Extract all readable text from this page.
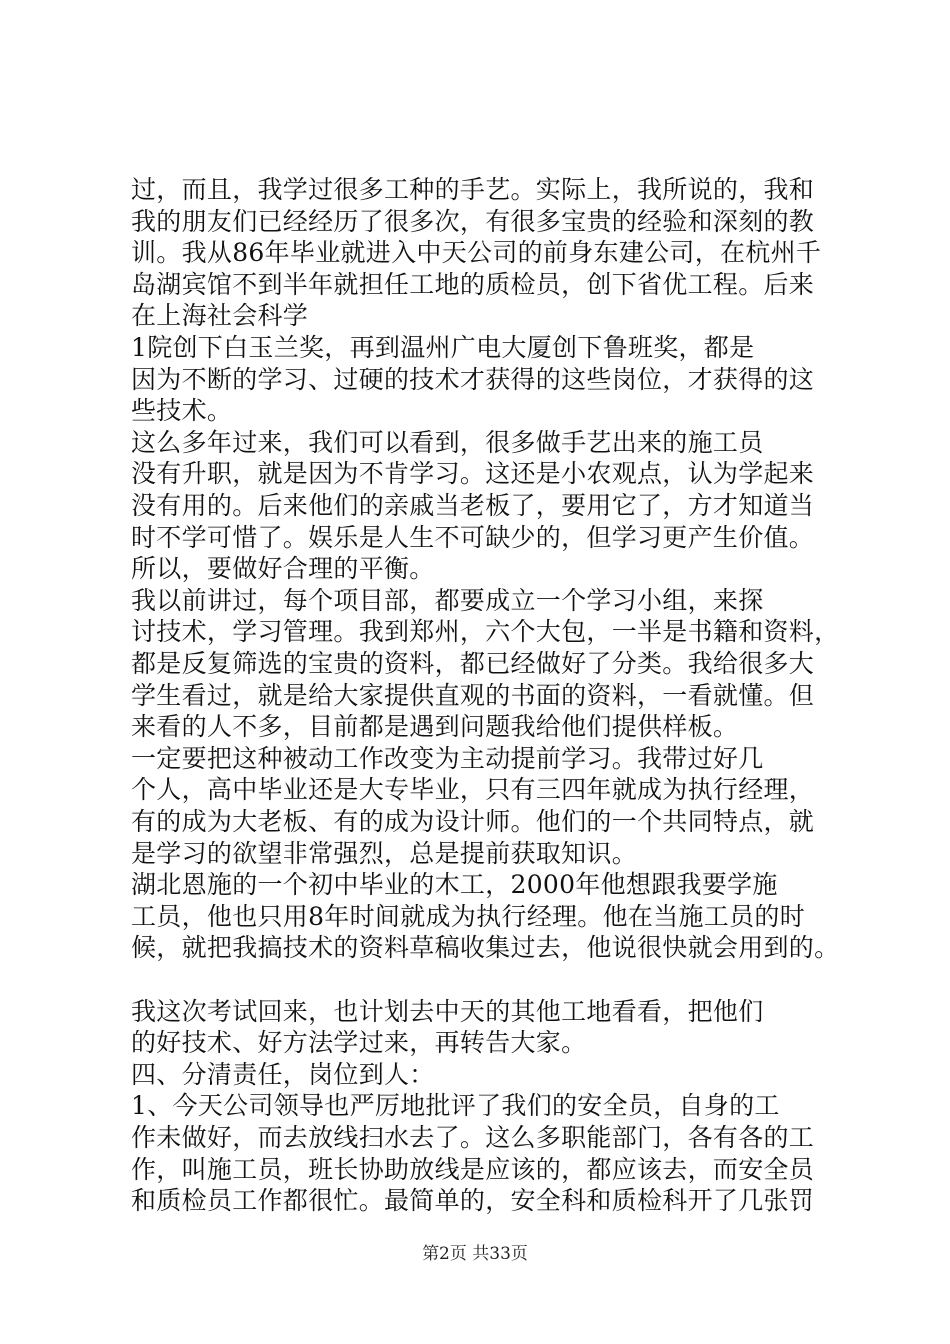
过，而且，我学过很多工种的手艺。实际上，我所说的，我和
我的朋友们已经经历了很多次，有很多宝贵的经验和深刻的教
训。我从86年毕业就进入中天公司的前身东建公司，在杭州千
岛湖宾馆不到半年就担任工地的质检员，创下省优工程。后来
在上海社会科学
1院创下白玉兰奖，再到温州广电大厦创下鲁班奖，都是
因为不断的学习、过硬的技术才获得的这些岗位，才获得的这
些技术。
这么多年过来，我们可以看到，很多做手艺出来的施工员
没有升职，就是因为不肯学习。这还是小农观点，认为学起来
没有用的。后来他们的亲戚当老板了，要用它了，方才知道当
时不学可惜了。娱乐是人生不可缺少的，但学习更产生价值。
所以，要做好合理的平衡。
我以前讲过，每个项目部，都要成立一个学习小组，来探
讨技术，学习管理。我到郑州，六个大包，一半是书籍和资料，
都是反复筛选的宝贵的资料，都已经做好了分类。我给很多大
学生看过，就是给大家提供直观的书面的资料，一看就懂。但
来看的人不多，目前都是遇到问题我给他们提供样板。
一定要把这种被动工作改变为主动提前学习。我带过好几
个人，高中毕业还是大专毕业，只有三四年就成为执行经理，
有的成为大老板、有的成为设计师。他们的一个共同特点，就
是学习的欲望非常强烈，总是提前获取知识。
湖北恩施的一个初中毕业的木工，2000年他想跟我要学施
工员，他也只用8年时间就成为执行经理。他在当施工员的时
候，就把我搞技术的资料草稿收集过去，他说很快就会用到的。
我这次考试回来，也计划去中天的其他工地看看，把他们
的好技术、好方法学过来，再转告大家。
四、分清责任，岗位到人：
1、今天公司领导也严厉地批评了我们的安全员，自身的工
作未做好，而去放线扫水去了。这么多职能部门，各有各的工
作，叫施工员，班长协助放线是应该的，都应该去，而安全员
和质检员工作都很忙。最简单的，安全科和质检科开了几张罚
第2页 共33页
